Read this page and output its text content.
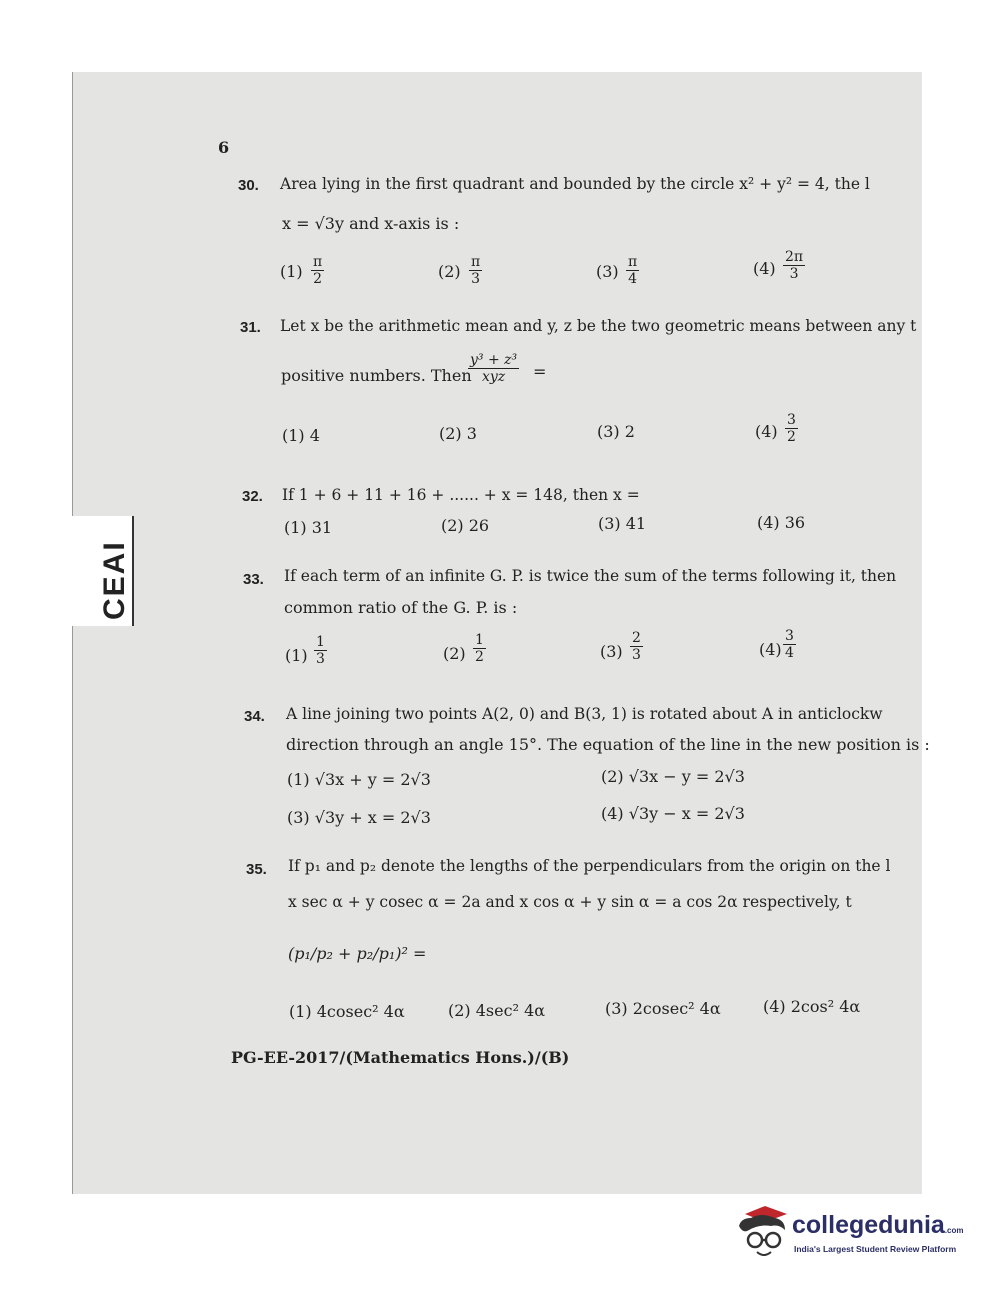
CEAI
6
30. Area lying in the first quadrant and bounded by the circle x² + y² = 4, the l
x = √3y and x-axis is :
$(1) \frac{\pi}{2}$	$(2) \frac{\pi}{3}$	$(3) \frac{\pi}{4}$	$(4) \frac{2\pi}{3}$
31. Let x be the arithmetic mean and y, z be the two geometric means between any t
positive numbers. Then
y³ + z³
xyz	=
(1) 4	(2) 3	(3) 2	$(4) \frac{3}{2}$
32. If 1 + 6 + 11 + 16 + ...... + x = 148, then x =
(1) 31	(2) 26	(3) 41	(4) 36
33. If each term of an infinite G. P. is twice the sum of the terms following it, then
common ratio of the G. P. is :
$(1) \frac{1}{3}$	$(2) \frac{1}{2}$	$(3) \frac{2}{3}$	$(4) \frac{3}{4}$
34. A line joining two points A(2, 0) and B(3, 1) is rotated about A in anticlockw
direction through an angle 15°. The equation of the line in the new position is :
(1) √3x + y = 2√3	(2) √3x − y = 2√3
(3) √3y + x = 2√3	(4) √3y − x = 2√3
35. If p₁ and p₂ denote the lengths of the perpendiculars from the origin on the l
x sec α + y cosec α = 2a and x cos α + y sin α = a cos 2α respectively, t
(p₁/p₂ + p₂/p₁)² =
(1) 4cosec² 4α	(2) 4sec² 4α	(3) 2cosec² 4α	(4) 2cos² 4α
PG-EE-2017/(Mathematics Hons.)/(B)
collegedunia.com
India's Largest Student Review Platform
